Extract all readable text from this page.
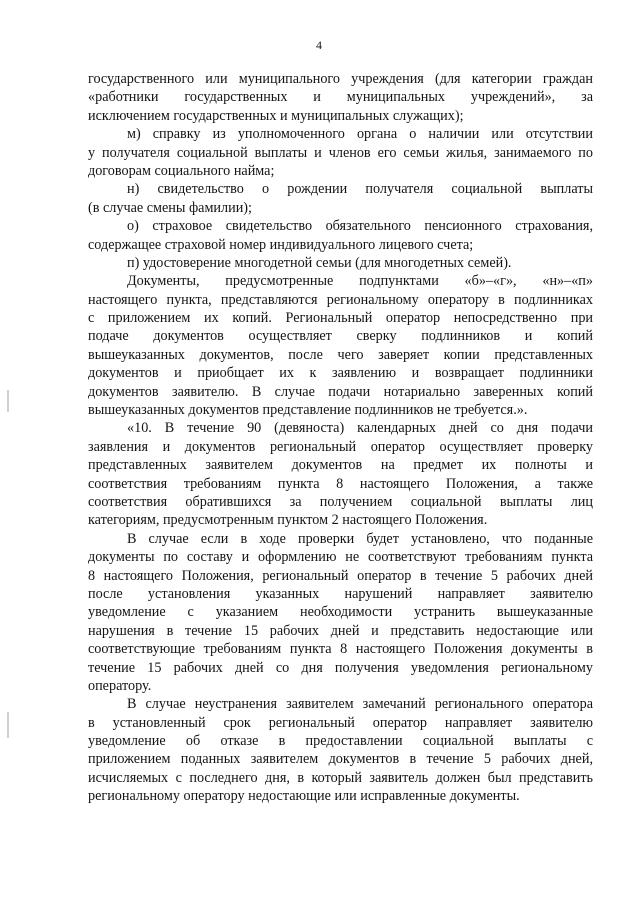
4
государственного или муниципального учреждения (для категории граждан
«работники государственных и муниципальных учреждений», за
исключением государственных и муниципальных служащих);
м) справку из уполномоченного органа о наличии или отсутствии
у получателя социальной выплаты и членов его семьи жилья, занимаемого по
договорам социального найма;
н) свидетельство о рождении получателя социальной выплаты
(в случае смены фамилии);
о) страховое свидетельство обязательного пенсионного страхования,
содержащее страховой номер индивидуального лицевого счета;
п) удостоверение многодетной семьи (для многодетных семей).
Документы, предусмотренные подпунктами «б»–«г», «н»–«п»
настоящего пункта, представляются региональному оператору в подлинниках
с приложением их копий. Региональный оператор непосредственно при
подаче документов осуществляет сверку подлинников и копий
вышеуказанных документов, после чего заверяет копии представленных
документов и приобщает их к заявлению и возвращает подлинники
документов заявителю. В случае подачи нотариально заверенных копий
вышеуказанных документов представление подлинников не требуется.».
«10. В течение 90 (девяноста) календарных дней со дня подачи
заявления и документов региональный оператор осуществляет проверку
представленных заявителем документов на предмет их полноты и
соответствия требованиям пункта 8 настоящего Положения, а также
соответствия обратившихся за получением социальной выплаты лиц
категориям, предусмотренным пунктом 2 настоящего Положения.
В случае если в ходе проверки будет установлено, что поданные
документы по составу и оформлению не соответствуют требованиям пункта
8 настоящего Положения, региональный оператор в течение 5 рабочих дней
после установления указанных нарушений направляет заявителю
уведомление с указанием необходимости устранить вышеуказанные
нарушения в течение 15 рабочих дней и представить недостающие или
соответствующие требованиям пункта 8 настоящего Положения документы в
течение 15 рабочих дней со дня получения уведомления региональному
оператору.
В случае неустранения заявителем замечаний регионального оператора
в установленный срок региональный оператор направляет заявителю
уведомление об отказе в предоставлении социальной выплаты с
приложением поданных заявителем документов в течение 5 рабочих дней,
исчисляемых с последнего дня, в который заявитель должен был представить
региональному оператору недостающие или исправленные документы.
